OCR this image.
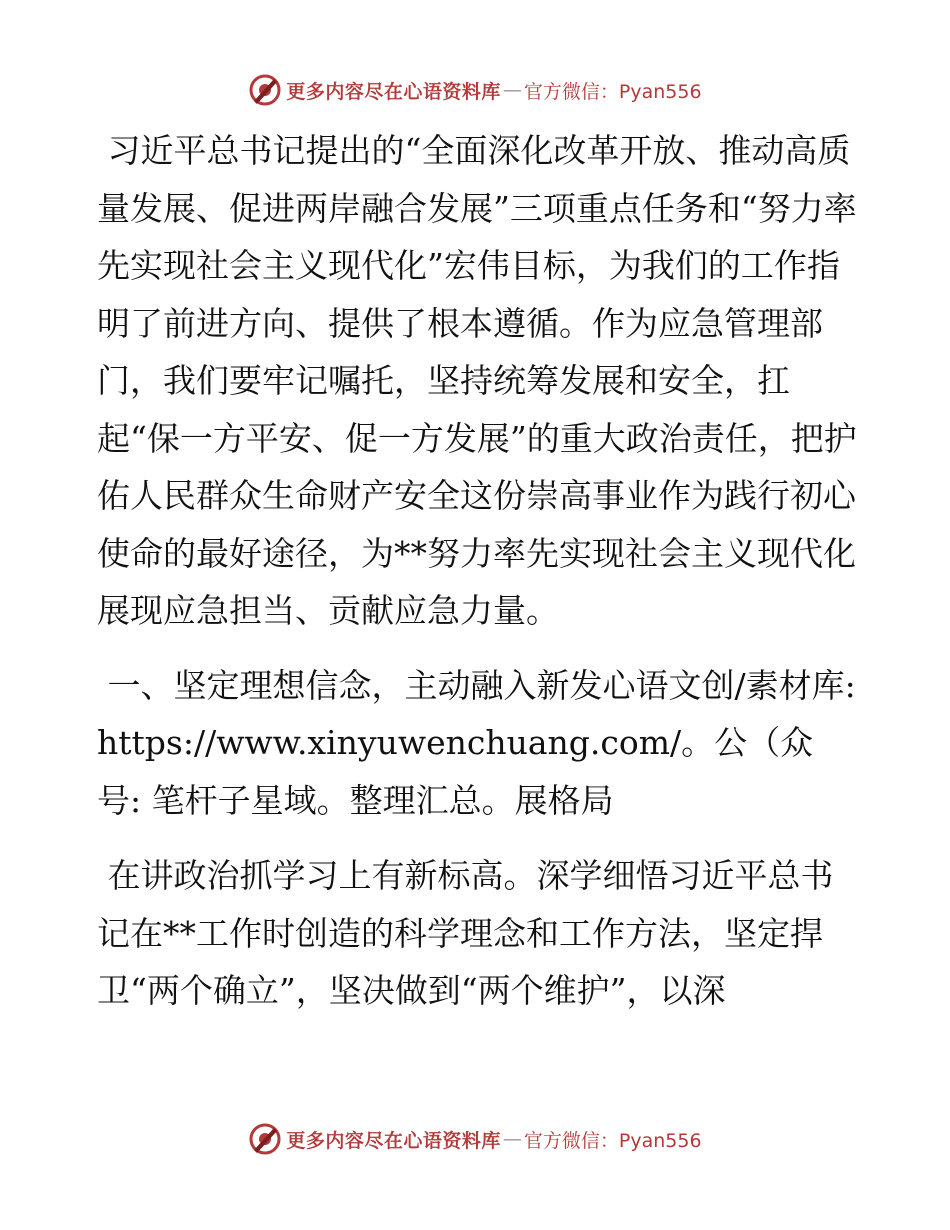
更多内容尽在心语资料库 — 官方微信：Pyan556

习近平总书记提出的“全面深化改革开放、推动高质量发展、促进两岸融合发展”三项重点任务和“努力率先实现社会主义现代化”宏伟目标，为我们的工作指明了前进方向、提供了根本遵循。作为应急管理部门，我们要牢记嘱托，坚持统筹发展和安全，扛起“保一方平安、促一方发展”的重大政治责任，把护佑人民群众生命财产安全这份崇高事业作为践行初心使命的最好途径，为**努力率先实现社会主义现代化展现应急担当、贡献应急力量。

一、坚定理想信念，主动融入新发心语文创/素材库: https://www.xinyuwenchuang.com/。公（众号: 笔杆子星域。整理汇总。展格局

在讲政治抓学习上有新标高。深学细悟习近平总书记在**工作时创造的科学理念和工作方法，坚定捍卫“两个确立”，坚决做到“两个维护”，以深

更多内容尽在心语资料库 — 官方微信：Pyan556
